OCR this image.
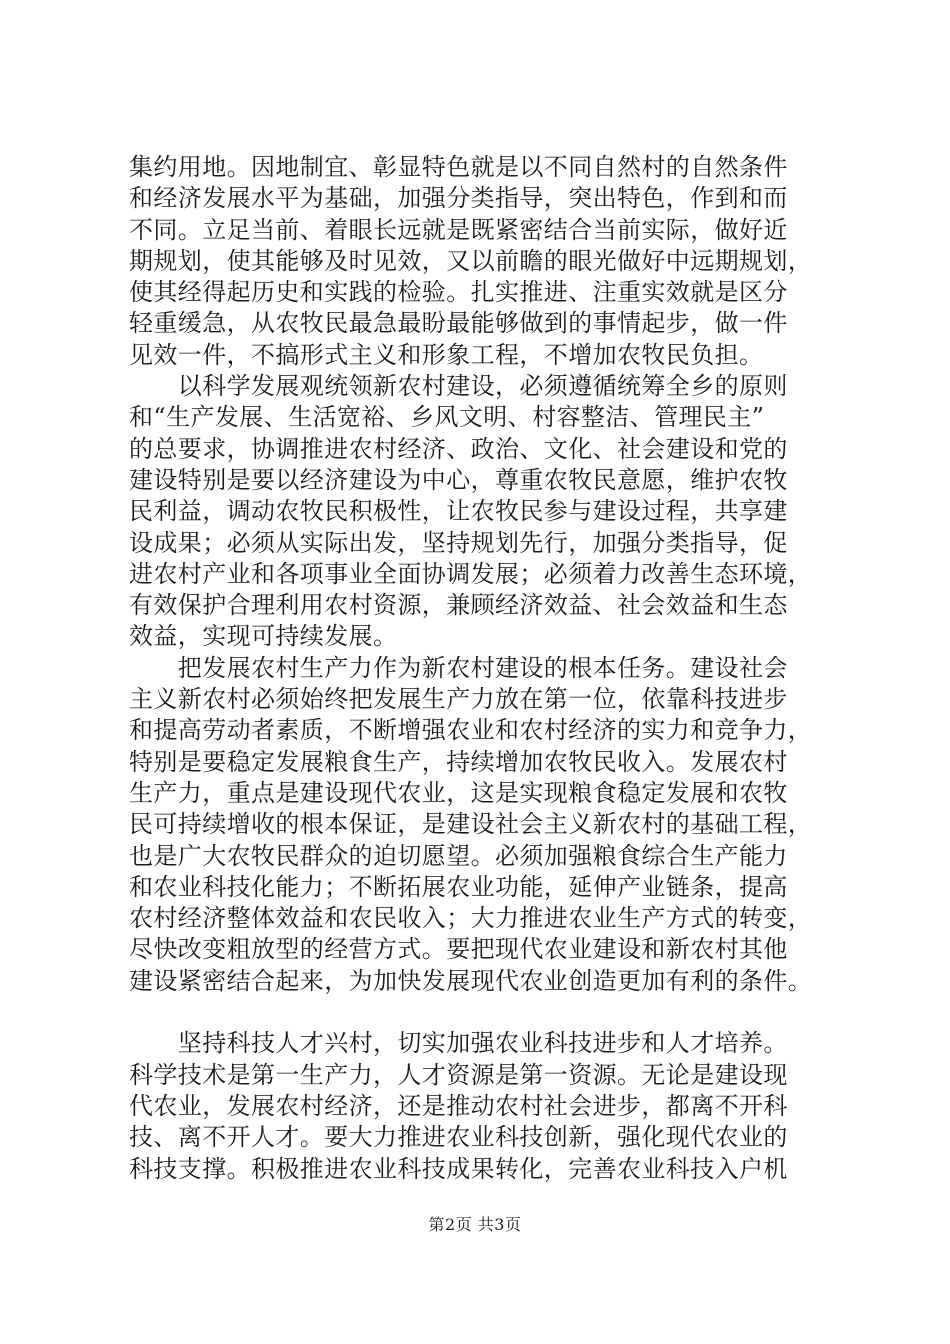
集约用地。因地制宜、彰显特色就是以不同自然村的自然条件
和经济发展水平为基础，加强分类指导，突出特色，作到和而
不同。立足当前、着眼长远就是既紧密结合当前实际，做好近
期规划，使其能够及时见效，又以前瞻的眼光做好中远期规划，
使其经得起历史和实践的检验。扎实推进、注重实效就是区分
轻重缓急，从农牧民最急最盼最能够做到的事情起步，做一件
见效一件，不搞形式主义和形象工程，不增加农牧民负担。
　　以科学发展观统领新农村建设，必须遵循统筹全乡的原则
和“生产发展、生活宽裕、乡风文明、村容整洁、管理民主”
的总要求，协调推进农村经济、政治、文化、社会建设和党的
建设特别是要以经济建设为中心，尊重农牧民意愿，维护农牧
民利益，调动农牧民积极性，让农牧民参与建设过程，共享建
设成果；必须从实际出发，坚持规划先行，加强分类指导，促
进农村产业和各项事业全面协调发展；必须着力改善生态环境，
有效保护合理利用农村资源，兼顾经济效益、社会效益和生态
效益，实现可持续发展。
　　把发展农村生产力作为新农村建设的根本任务。建设社会
主义新农村必须始终把发展生产力放在第一位，依靠科技进步
和提高劳动者素质，不断增强农业和农村经济的实力和竞争力，
特别是要稳定发展粮食生产，持续增加农牧民收入。发展农村
生产力，重点是建设现代农业，这是实现粮食稳定发展和农牧
民可持续增收的根本保证，是建设社会主义新农村的基础工程，
也是广大农牧民群众的迫切愿望。必须加强粮食综合生产能力
和农业科技化能力；不断拓展农业功能，延伸产业链条，提高
农村经济整体效益和农民收入；大力推进农业生产方式的转变，
尽快改变粗放型的经营方式。要把现代农业建设和新农村其他
建设紧密结合起来，为加快发展现代农业创造更加有利的条件。
　　坚持科技人才兴村，切实加强农业科技进步和人才培养。
科学技术是第一生产力，人才资源是第一资源。无论是建设现
代农业，发展农村经济，还是推动农村社会进步，都离不开科
技、离不开人才。要大力推进农业科技创新，强化现代农业的
科技支撑。积极推进农业科技成果转化，完善农业科技入户机
第2页 共3页
